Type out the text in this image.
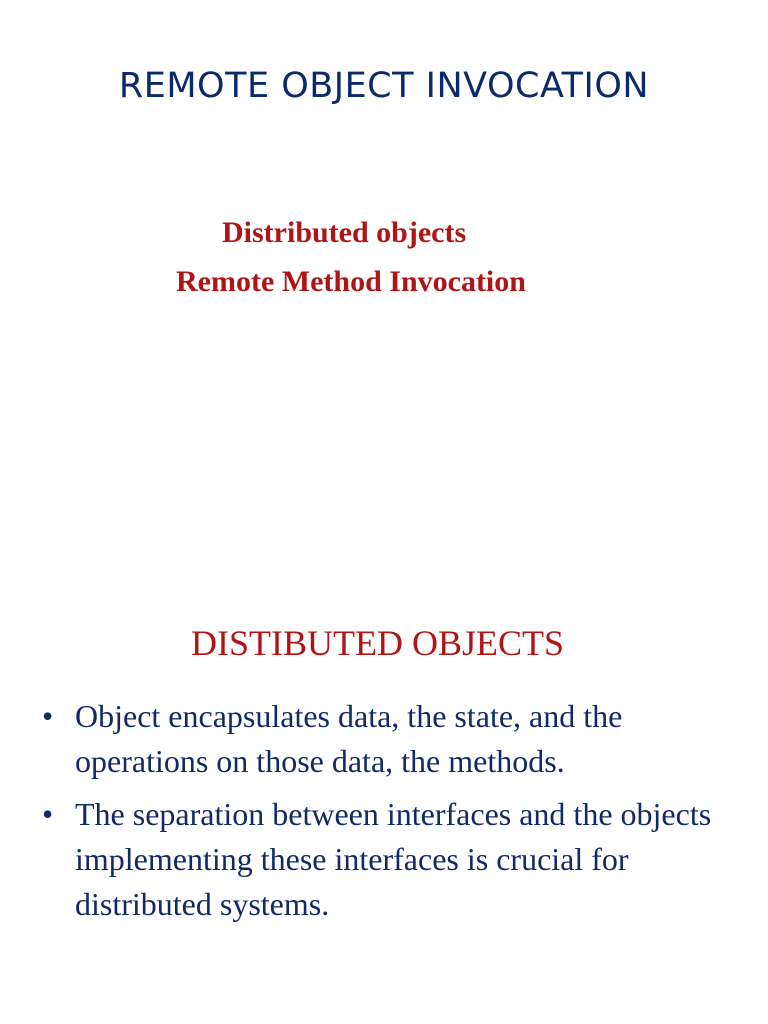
REMOTE OBJECT INVOCATION
Distributed objects
Remote Method Invocation
DISTIBUTED OBJECTS
• Object encapsulates data, the state, and the operations on those data, the methods.
• The separation between interfaces and the objects implementing these interfaces is crucial for distributed systems.
